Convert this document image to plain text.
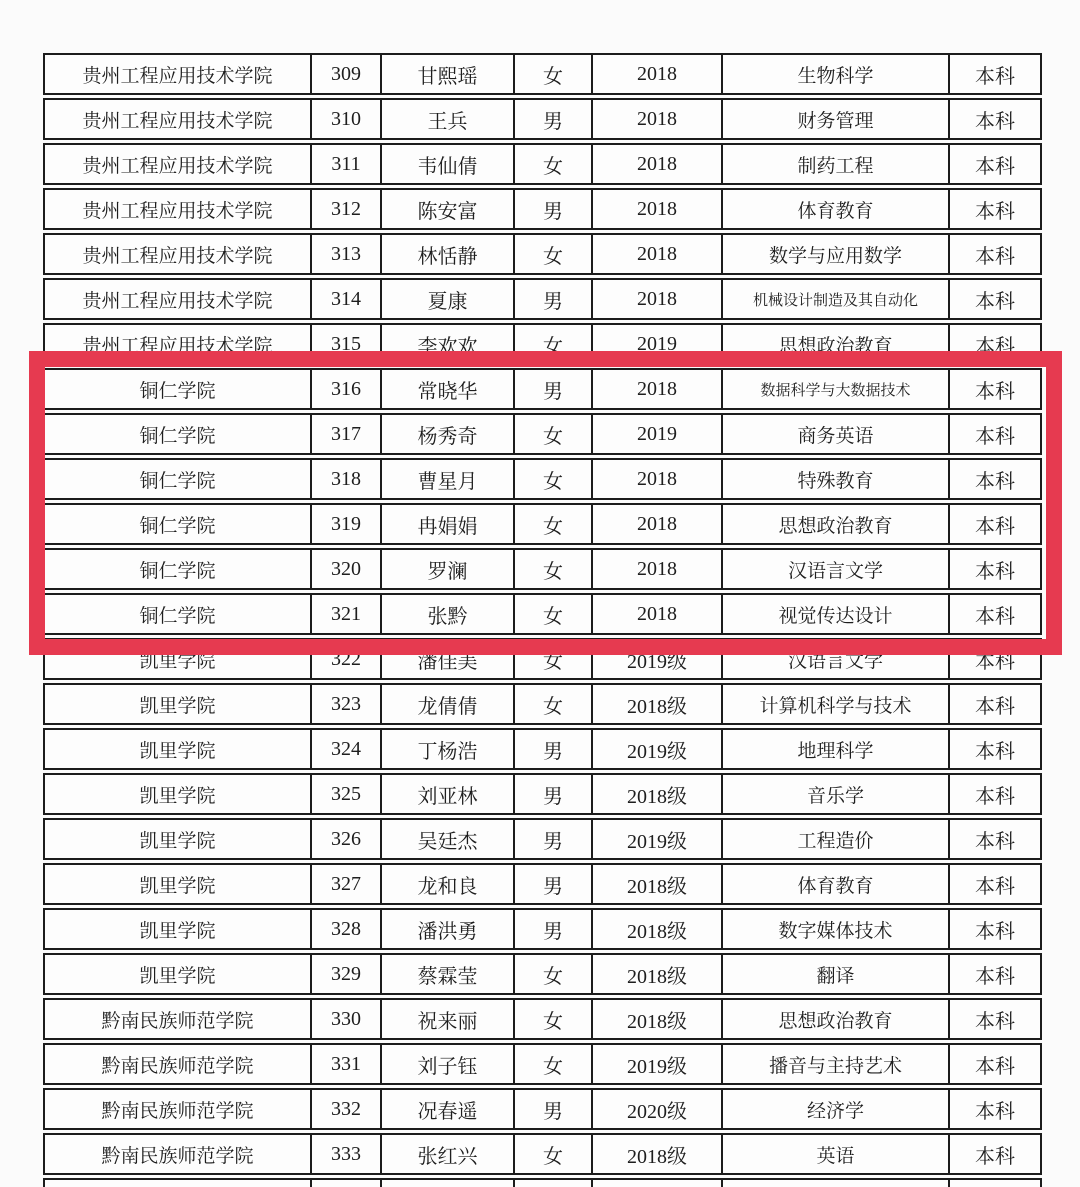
贵州工程应用技术学院	309	甘熙瑶	女	2018	生物科学	本科
贵州工程应用技术学院	310	王兵	男	2018	财务管理	本科
贵州工程应用技术学院	311	韦仙倩	女	2018	制药工程	本科
贵州工程应用技术学院	312	陈安富	男	2018	体育教育	本科
贵州工程应用技术学院	313	林恬静	女	2018	数学与应用数学	本科
贵州工程应用技术学院	314	夏康	男	2018	机械设计制造及其自动化	本科
贵州工程应用技术学院	315	李欢欢	女	2019	思想政治教育	本科
铜仁学院	316	常晓华	男	2018	数据科学与大数据技术	本科
铜仁学院	317	杨秀奇	女	2019	商务英语	本科
铜仁学院	318	曹星月	女	2018	特殊教育	本科
铜仁学院	319	冉娟娟	女	2018	思想政治教育	本科
铜仁学院	320	罗澜	女	2018	汉语言文学	本科
铜仁学院	321	张黔	女	2018	视觉传达设计	本科
凯里学院	322	潘佳美	女	2019级	汉语言文学	本科
凯里学院	323	龙倩倩	女	2018级	计算机科学与技术	本科
凯里学院	324	丁杨浩	男	2019级	地理科学	本科
凯里学院	325	刘亚林	男	2018级	音乐学	本科
凯里学院	326	吴廷杰	男	2019级	工程造价	本科
凯里学院	327	龙和良	男	2018级	体育教育	本科
凯里学院	328	潘洪勇	男	2018级	数字媒体技术	本科
凯里学院	329	蔡霖莹	女	2018级	翻译	本科
黔南民族师范学院	330	祝来丽	女	2018级	思想政治教育	本科
黔南民族师范学院	331	刘子钰	女	2019级	播音与主持艺术	本科
黔南民族师范学院	332	况春遥	男	2020级	经济学	本科
黔南民族师范学院	333	张红兴	女	2018级	英语	本科
